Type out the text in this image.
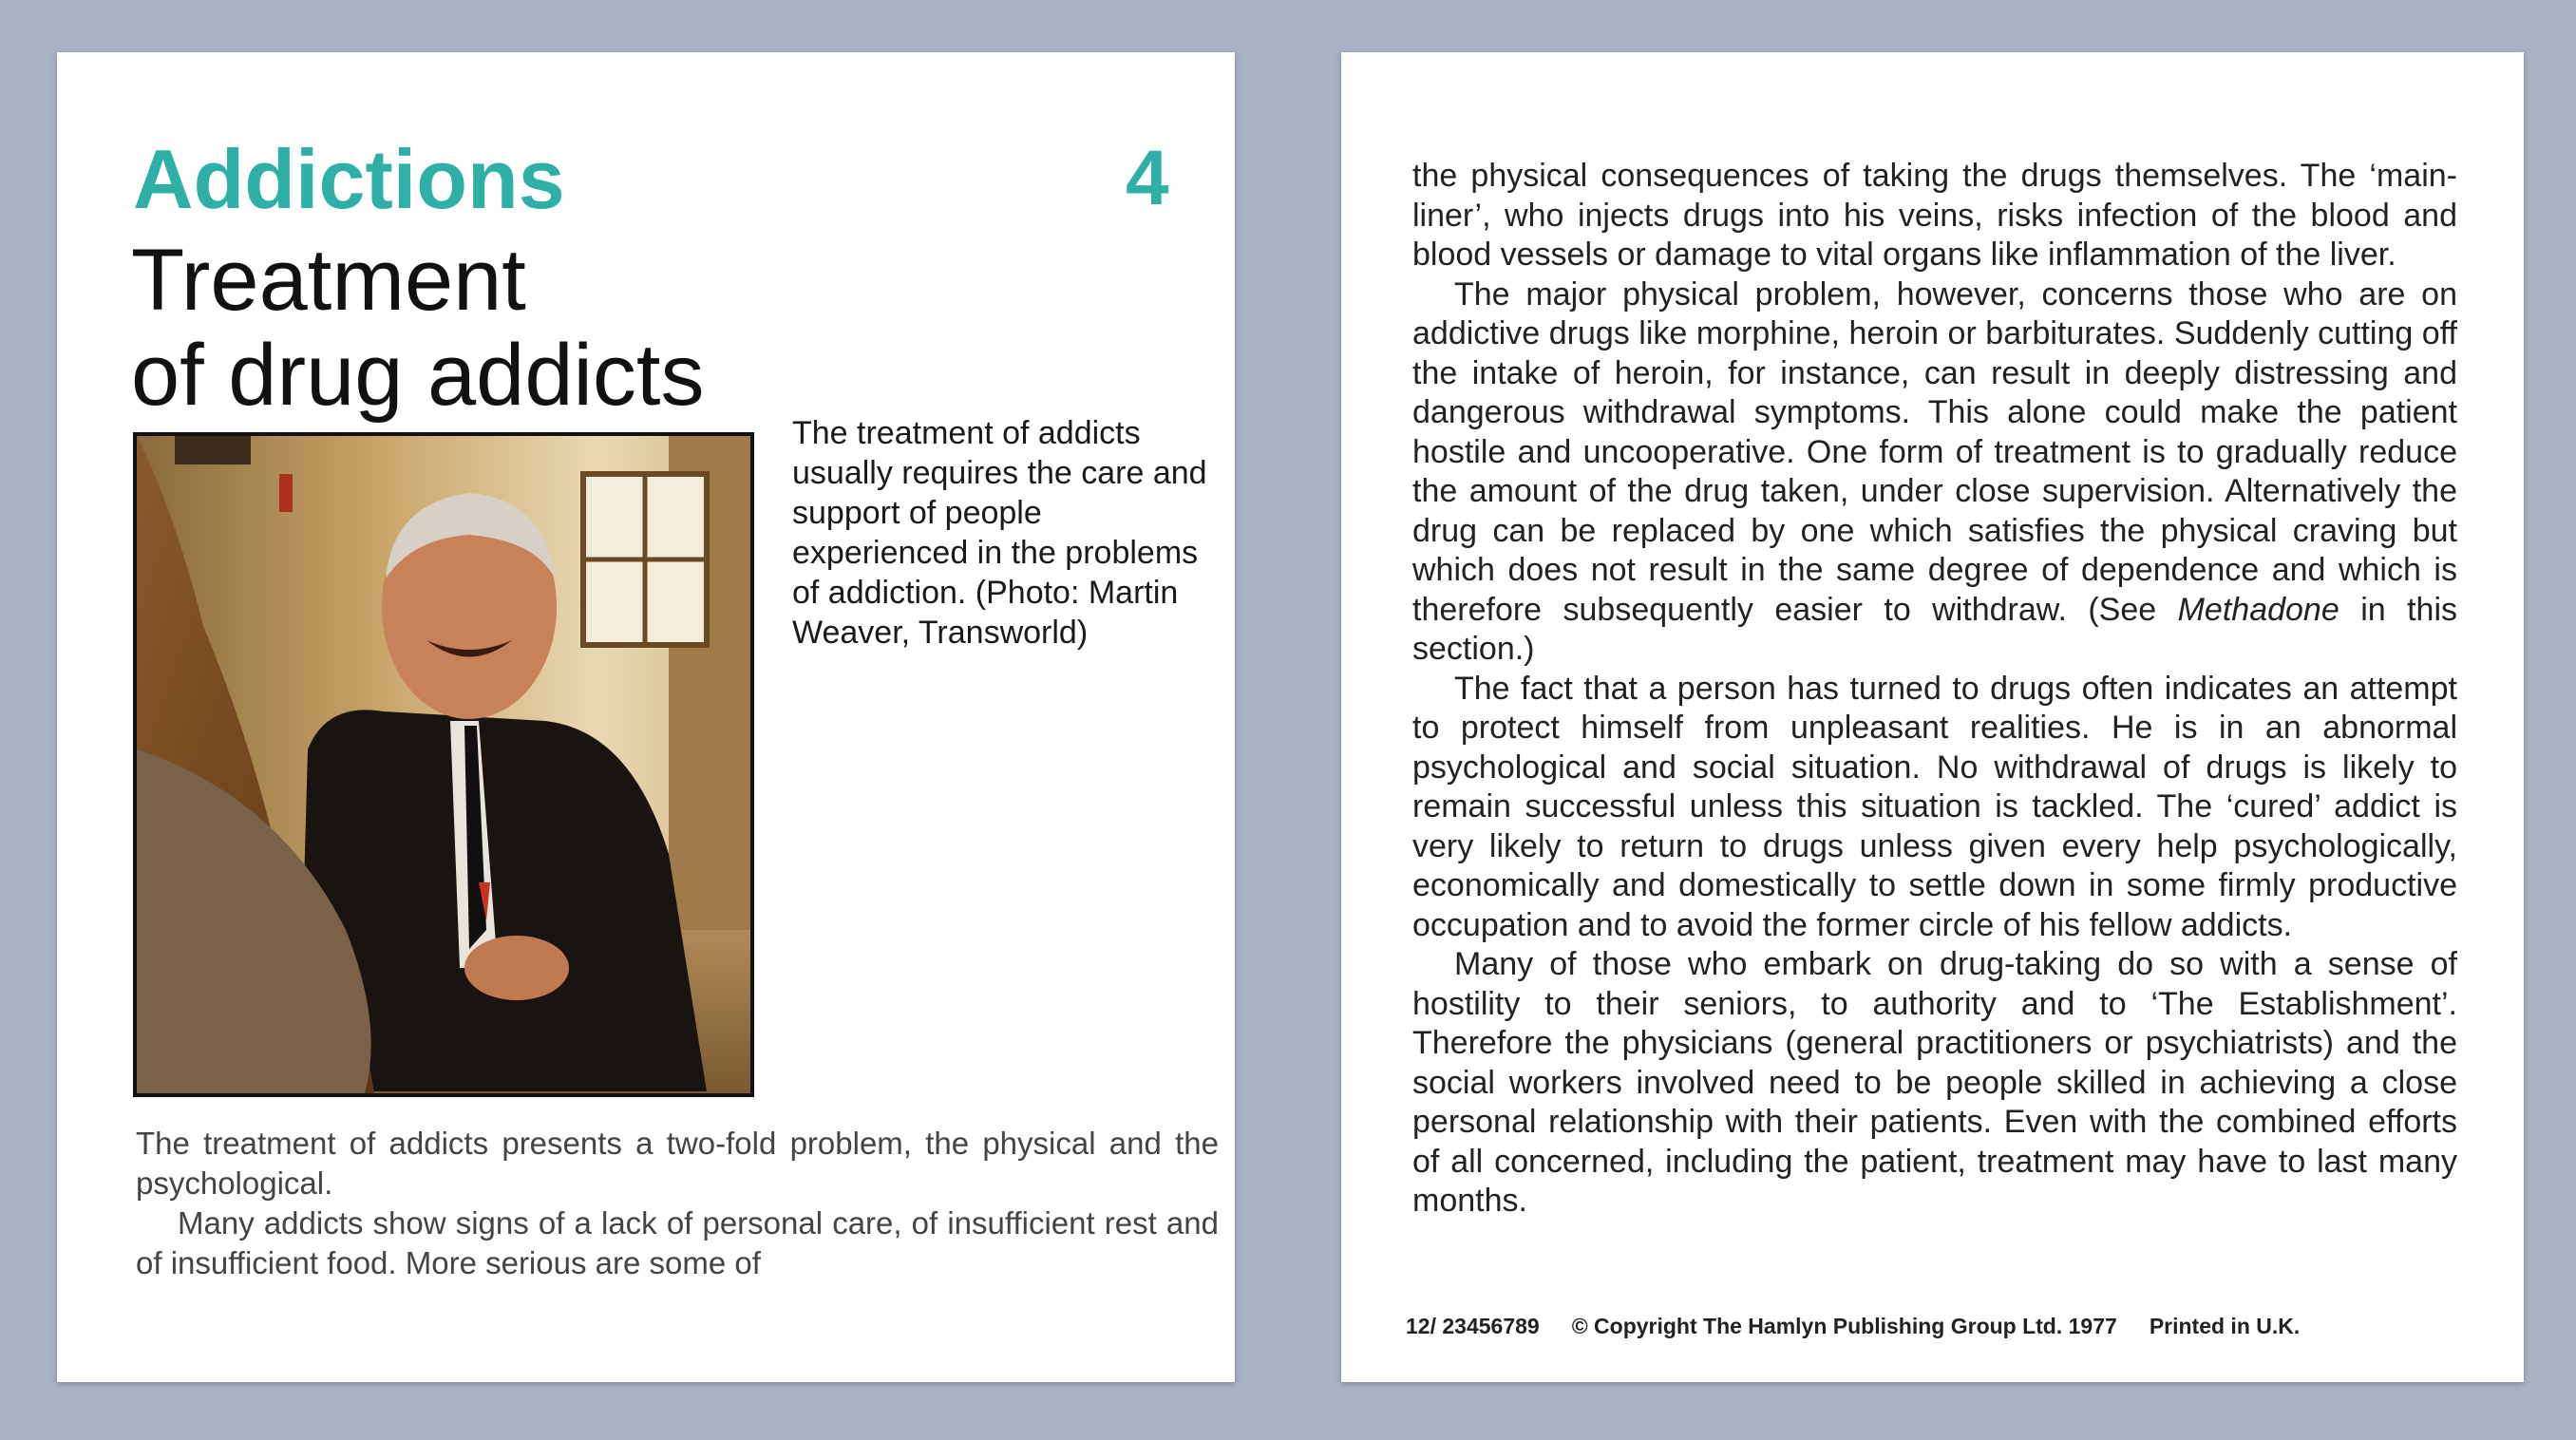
Addictions	4
Treatment
of drug addicts
The treatment of addicts usually requires the care and support of people experienced in the problems of addiction. (Photo: Martin Weaver, Transworld)

The treatment of addicts presents a two-fold problem, the physical and the psychological.

Many addicts show signs of a lack of personal care, of insufficient rest and of insufficient food. More serious are some of

the physical consequences of taking the drugs themselves. The ‘main-liner’, who injects drugs into his veins, risks infection of the blood and blood vessels or damage to vital organs like inflammation of the liver.

The major physical problem, however, concerns those who are on addictive drugs like morphine, heroin or barbiturates. Suddenly cutting off the intake of heroin, for instance, can result in deeply distressing and dangerous withdrawal symptoms. This alone could make the patient hostile and uncooperative. One form of treatment is to gradually reduce the amount of the drug taken, under close supervision. Alternatively the drug can be replaced by one which satisfies the physical craving but which does not result in the same degree of dependence and which is therefore subsequently easier to withdraw. (See Methadone in this section.)

The fact that a person has turned to drugs often indicates an attempt to protect himself from unpleasant realities. He is in an abnormal psychological and social situation. No withdrawal of drugs is likely to remain successful unless this situation is tackled. The ‘cured’ addict is very likely to return to drugs unless given every help psychologically, economically and domestically to settle down in some firmly productive occupation and to avoid the former circle of his fellow addicts.

Many of those who embark on drug-taking do so with a sense of hostility to their seniors, to authority and to ‘The Establishment’. Therefore the physicians (general practitioners or psychiatrists) and the social workers involved need to be people skilled in achieving a close personal relationship with their patients. Even with the combined efforts of all concerned, including the patient, treatment may have to last many months.

12/ 23456789 © Copyright The Hamlyn Publishing Group Ltd. 1977 Printed in U.K.
